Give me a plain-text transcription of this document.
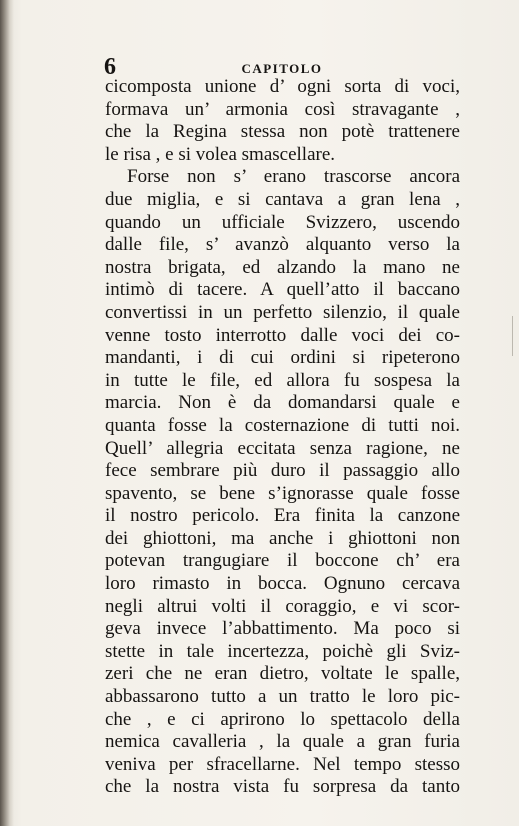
6	CAPITOLO
cicomposta unione d’ ogni sorta di voci,
formava un’ armonia così stravagante ,
che la Regina stessa non potè trattenere
le risa , e si volea smascellare.
Forse non s’ erano trascorse ancora
due miglia, e si cantava a gran lena ,
quando un ufficiale Svizzero, uscendo
dalle file, s’ avanzò alquanto verso la
nostra brigata, ed alzando la mano ne
intimò di tacere. A quell’atto il baccano
convertissi in un perfetto silenzio, il quale
venne tosto interrotto dalle voci dei co-
mandanti, i di cui ordini si ripeterono
in tutte le file, ed allora fu sospesa la
marcia. Non è da domandarsi quale e
quanta fosse la costernazione di tutti noi.
Quell’ allegria eccitata senza ragione, ne
fece sembrare più duro il passaggio allo
spavento, se bene s’ignorasse quale fosse
il nostro pericolo. Era finita la canzone
dei ghiottoni, ma anche i ghiottoni non
potevan trangugiare il boccone ch’ era
loro rimasto in bocca. Ognuno cercava
negli altrui volti il coraggio, e vi scor-
geva invece l’abbattimento. Ma poco si
stette in tale incertezza, poichè gli Sviz-
zeri che ne eran dietro, voltate le spalle,
abbassarono tutto a un tratto le loro pic-
che , e ci aprirono lo spettacolo della
nemica cavalleria , la quale a gran furia
veniva per sfracellarne. Nel tempo stesso
che la nostra vista fu sorpresa da tanto
